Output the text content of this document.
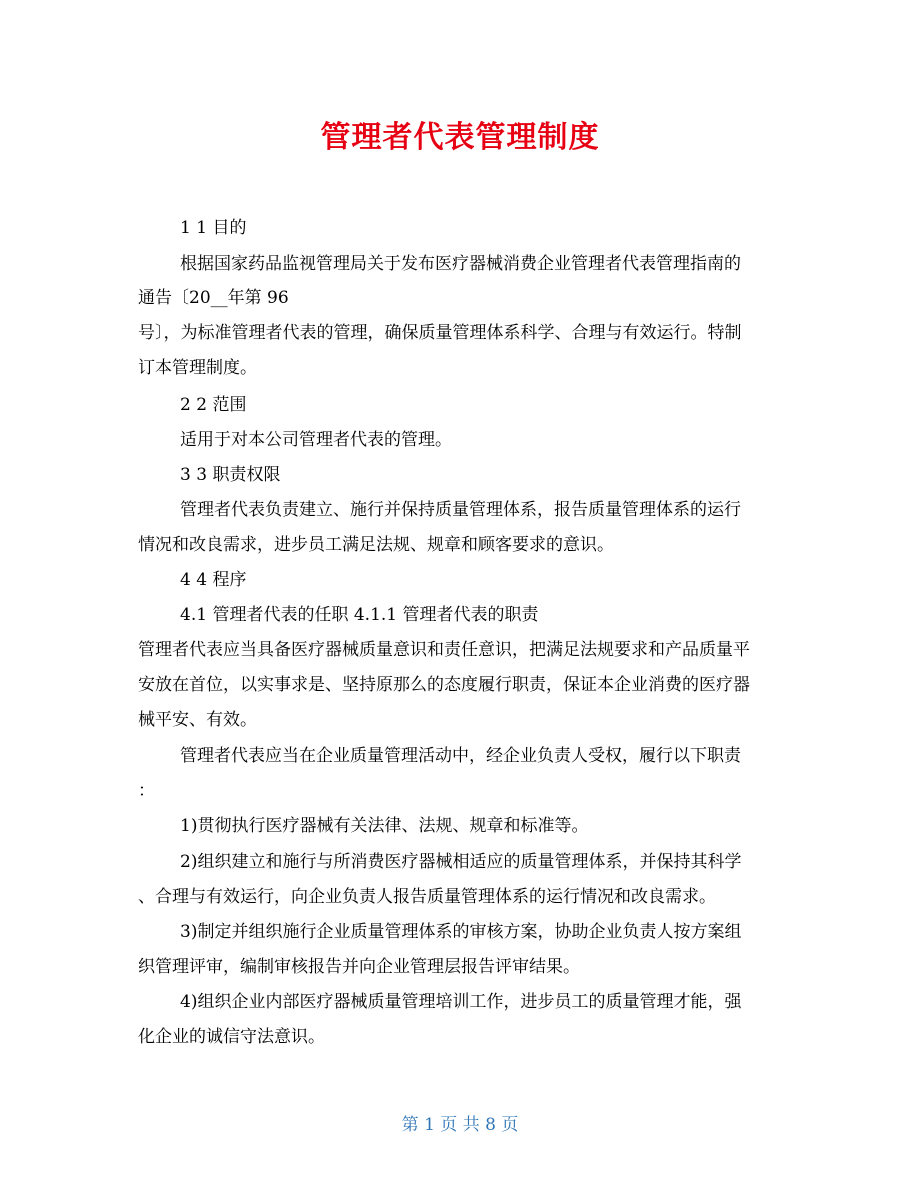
管理者代表管理制度
1 1 目的
根据国家药品监视管理局关于发布医疗器械消费企业管理者代表管理指南的
通告〔20__年第 96
号〕，为标准管理者代表的管理，确保质量管理体系科学、合理与有效运行。特制
订本管理制度。
2 2 范围
适用于对本公司管理者代表的管理。
3 3 职责权限
管理者代表负责建立、施行并保持质量管理体系，报告质量管理体系的运行
情况和改良需求，进步员工满足法规、规章和顾客要求的意识。
4 4 程序
4.1 管理者代表的任职 4.1.1 管理者代表的职责
管理者代表应当具备医疗器械质量意识和责任意识，把满足法规要求和产品质量平
安放在首位，以实事求是、坚持原那么的态度履行职责，保证本企业消费的医疗器
械平安、有效。
管理者代表应当在企业质量管理活动中，经企业负责人受权，履行以下职责
：
1)贯彻执行医疗器械有关法律、法规、规章和标准等。
2)组织建立和施行与所消费医疗器械相适应的质量管理体系，并保持其科学
、合理与有效运行，向企业负责人报告质量管理体系的运行情况和改良需求。
3)制定并组织施行企业质量管理体系的审核方案，协助企业负责人按方案组
织管理评审，编制审核报告并向企业管理层报告评审结果。
4)组织企业内部医疗器械质量管理培训工作，进步员工的质量管理才能，强
化企业的诚信守法意识。
第 1 页 共 8 页
